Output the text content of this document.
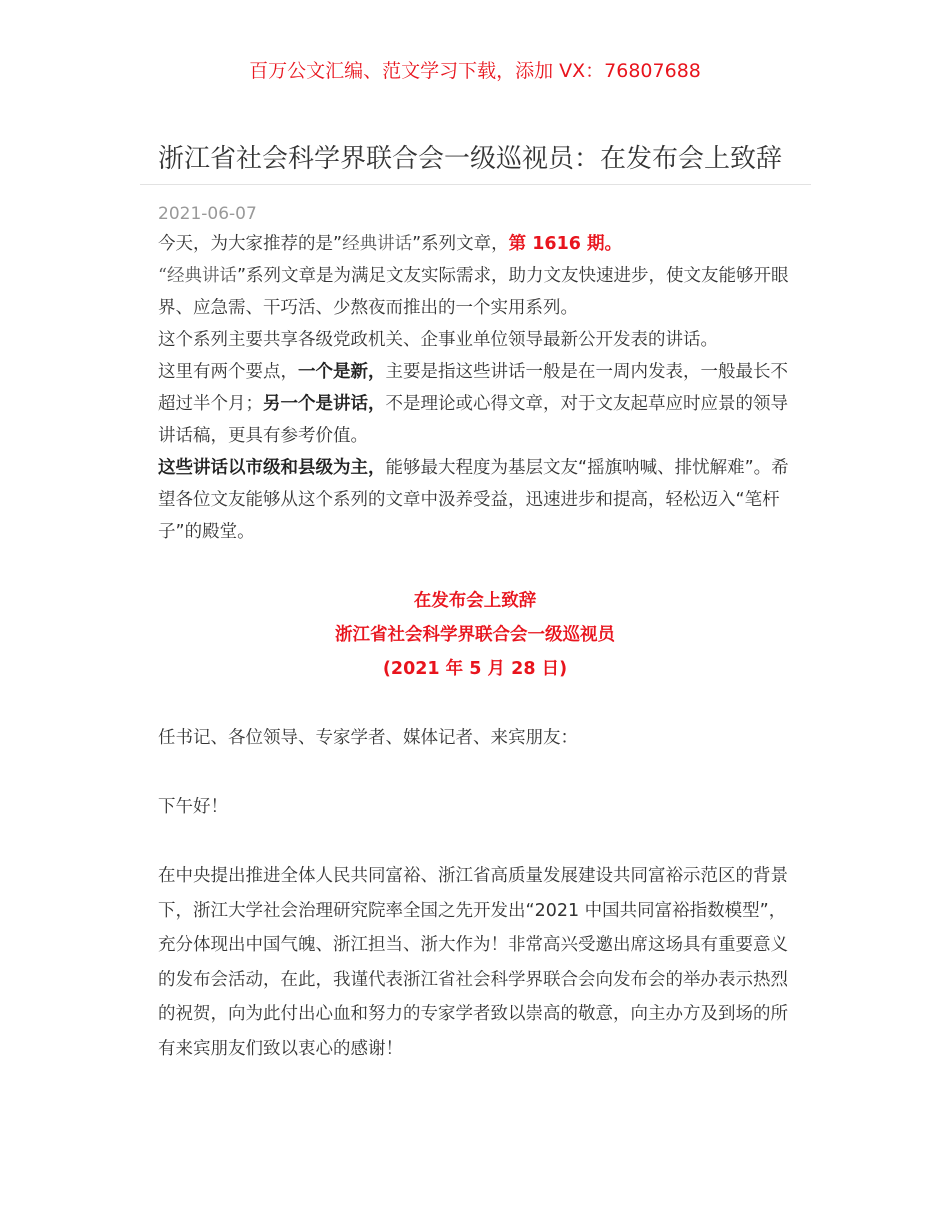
百万公文汇编、范文学习下载，添加 VX：76807688
浙江省社会科学界联合会一级巡视员：在发布会上致辞
2021-06-07

今天，为大家推荐的是”经典讲话”系列文章，第 1616 期。

“经典讲话”系列文章是为满足文友实际需求，助力文友快速进步，使文友能够开眼界、应急需、干巧活、少熬夜而推出的一个实用系列。

这个系列主要共享各级党政机关、企事业单位领导最新公开发表的讲话。

这里有两个要点，一个是新，主要是指这些讲话一般是在一周内发表，一般最长不超过半个月；另一个是讲话，不是理论或心得文章，对于文友起草应时应景的领导讲话稿，更具有参考价值。

这些讲话以市级和县级为主，能够最大程度为基层文友“摇旗呐喊、排忧解难”。希望各位文友能够从这个系列的文章中汲养受益，迅速进步和提高，轻松迈入“笔杆子”的殿堂。

在发布会上致辞
浙江省社会科学界联合会一级巡视员
(2021 年 5 月 28 日)

任书记、各位领导、专家学者、媒体记者、来宾朋友：

下午好！

在中央提出推进全体人民共同富裕、浙江省高质量发展建设共同富裕示范区的背景下，浙江大学社会治理研究院率全国之先开发出“2021 中国共同富裕指数模型”，充分体现出中国气魄、浙江担当、浙大作为！非常高兴受邀出席这场具有重要意义的发布会活动，在此，我谨代表浙江省社会科学界联合会向发布会的举办表示热烈的祝贺，向为此付出心血和努力的专家学者致以崇高的敬意，向主办方及到场的所有来宾朋友们致以衷心的感谢！
